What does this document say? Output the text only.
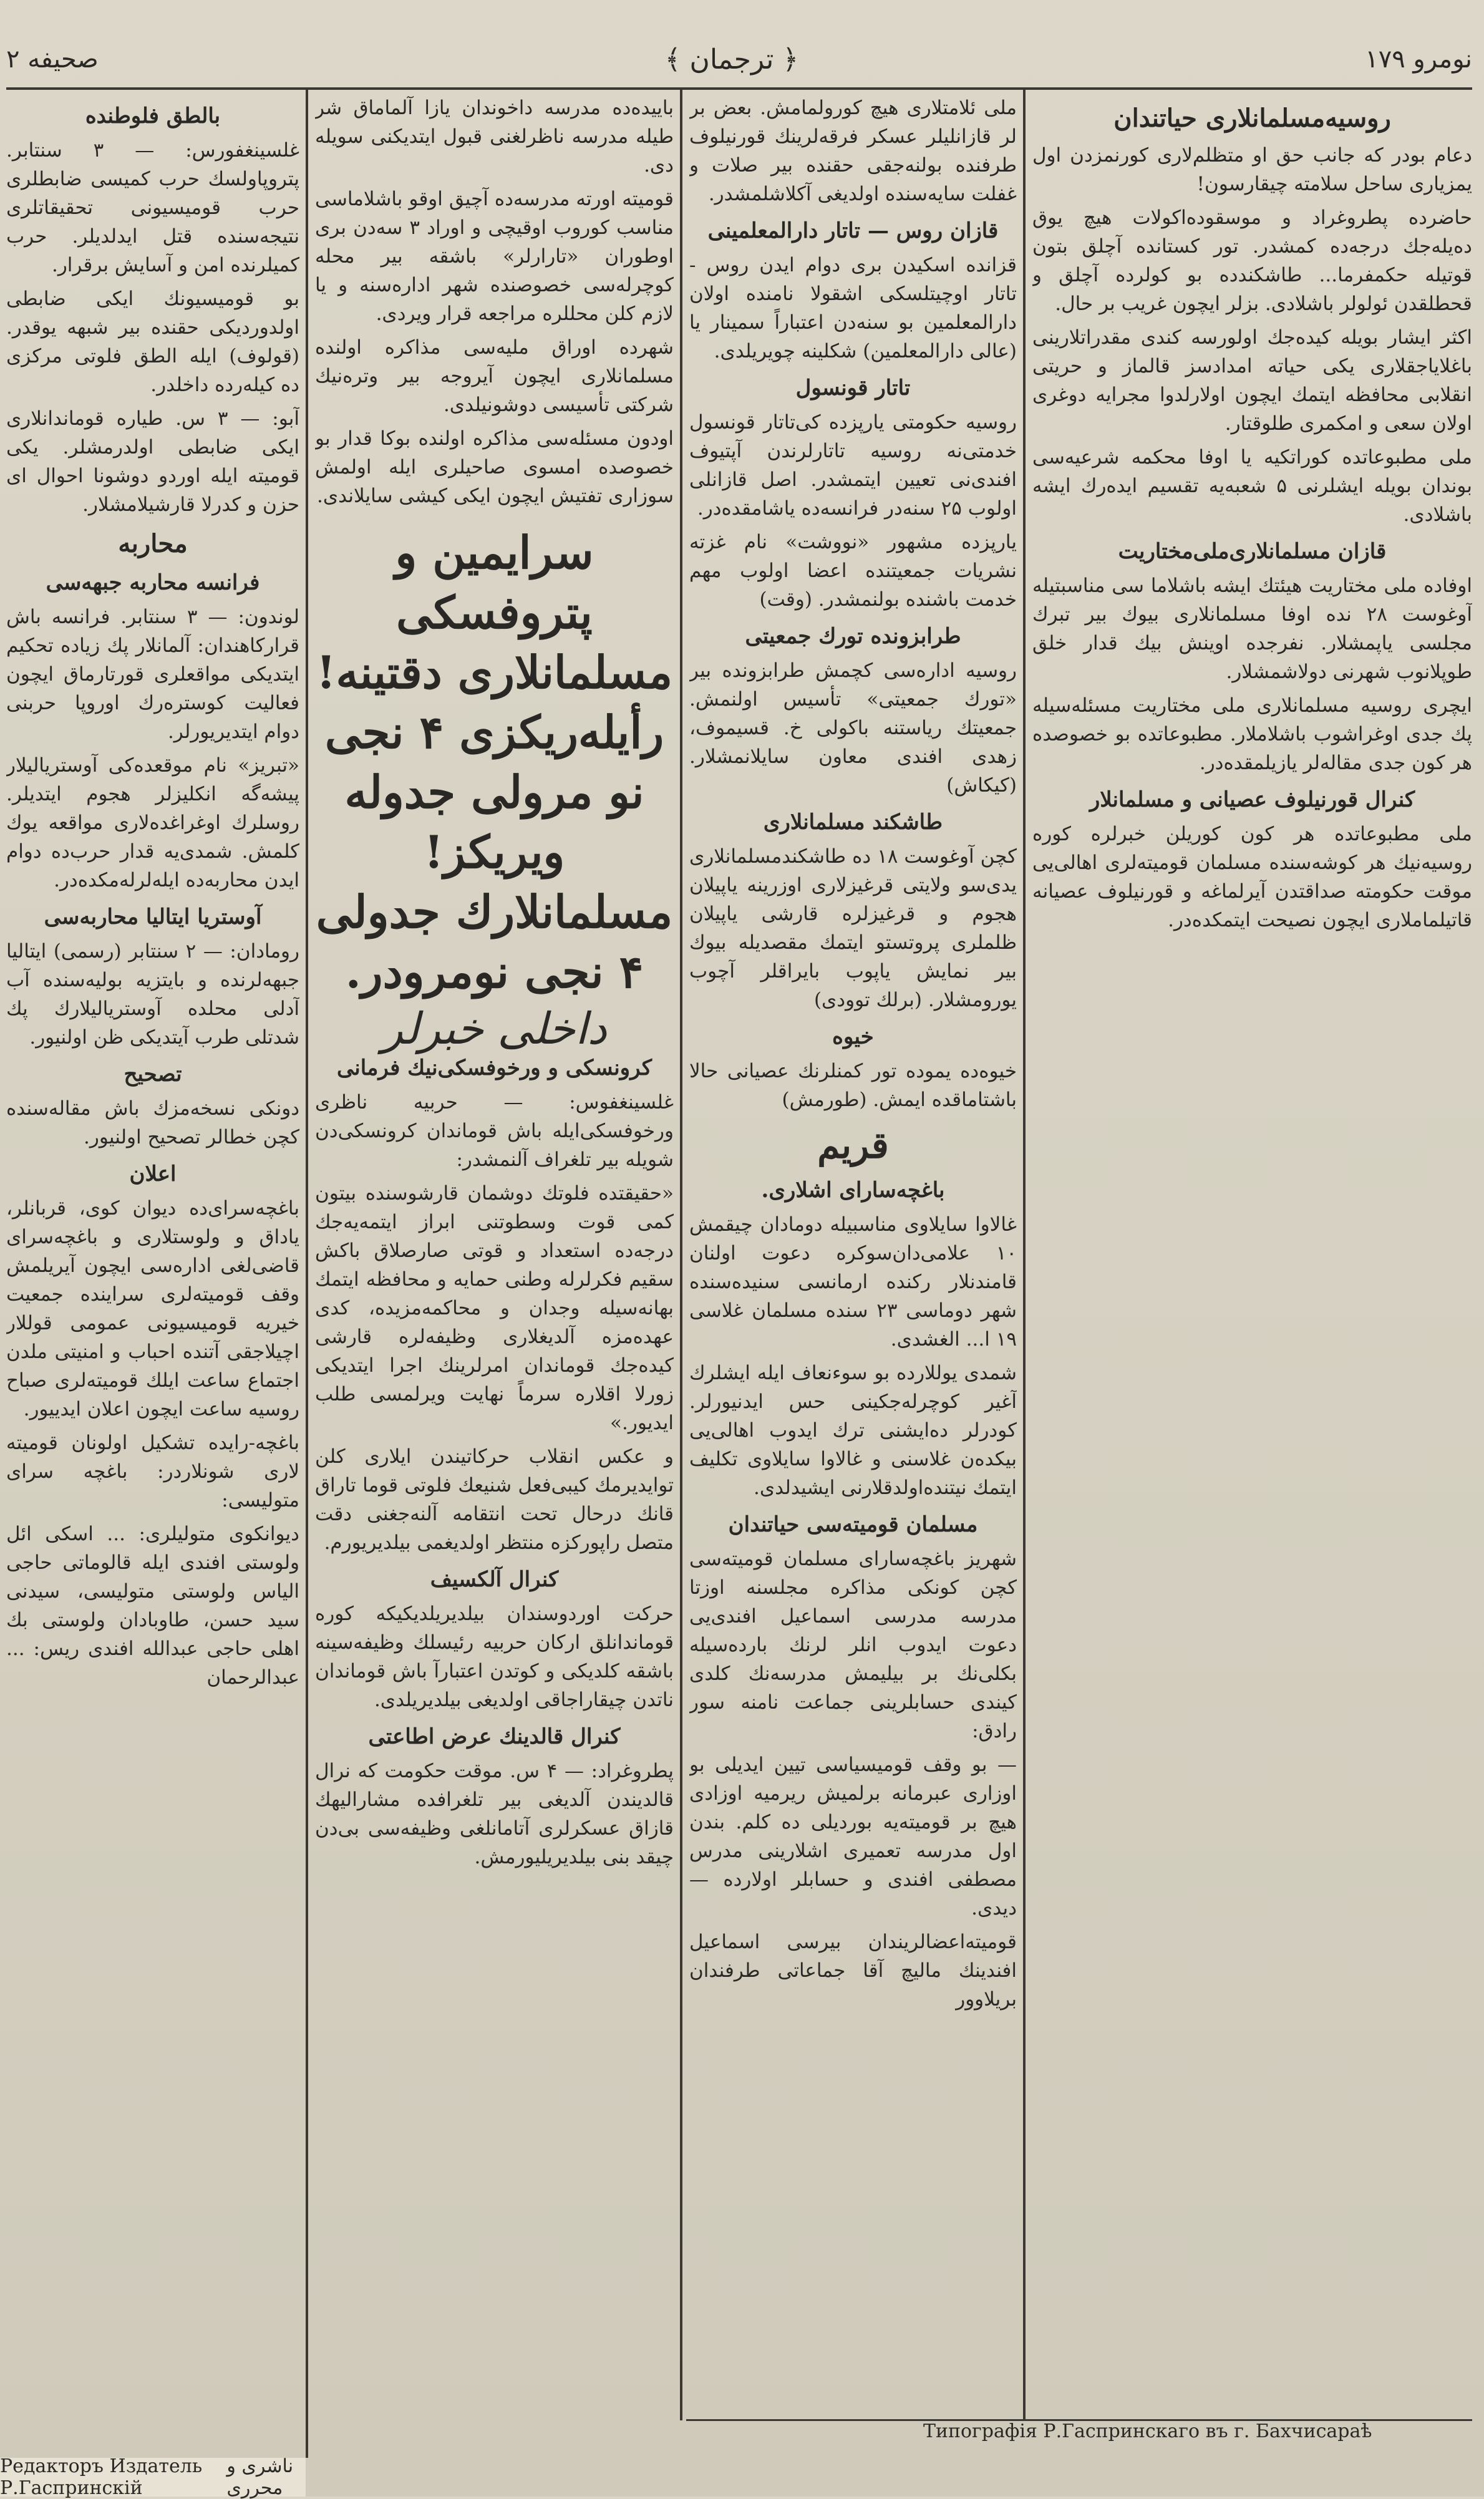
صحیفه ۲	﴾ ترجمان ﴿	۱۷۹ نومرو
بالطق فلوطنده

غلسینغفورس: — ۳ سنتابر. پتروپاولسك حرب کمیسی ضابطلری حرب قومیسیونی تحقیقاتلری نتیجه‌سنده قتل ایدلدیلر. حرب کمیلرنده امن و آسایش برقرار.

بو قومیسیونك ایکی ضابطی اولدوردیکی حقنده بیر شبهه یوقدر. (قولوف) ایله الطق فلوتی مرکزی ده کیله‌رده داخلدر.

آبو: — ۳ س. طیاره قوماندانلاری ایکی ضابطی اولدرمشلر. یکی قومیته ایله اوردو دوشونا احوال ای حزن و کدرلا قارشیلامشلار.

محاربه
فرانسه محاربه جبهه‌سی

لوندون: — ۳ سنتابر. فرانسه باش قرارکاهندان: آلمانلار پك زیاده تحکیم ایتدیکی مواقعلری قورتارماق ایچون فعالیت کوستره‌رك اوروپا حربنی دوام ایتدیریورلر.

«تبریز» نام موقعده‌کی آوستریالیلار پیشه‌گه انکلیزلر هجوم ایتدیلر. روسلرك اوغراغده‌لاری مواقعه یوك کلمش. شمدی‌یه قدار حرب‌ده دوام ایدن محاربه‌ده ایله‌لرله‌مکده‌در.

آوستریا ایتالیا محاربه‌سی

رومادان: — ۲ سنتابر (رسمی) ایتالیا جبهه‌لرنده و بایتزیه بولیه‌سنده آب آدلی محلده آوستریالیلارك پك شدتلی طرب آیتدیکی ظن اولنیور.

تصحیح

دونکی نسخه‌مزك باش مقاله‌سنده کچن خطالر تصحیح اولنیور.

اعلان

باغچه‌سرای‌ده دیوان کوی، قربانلر، یاداق و ولوستلاری و باغچه‌سرای قاضی‌لغی اداره‌سی ایچون آیریلمش وقف قومیته‌لری سراینده جمعیت خیریه قومیسیونی عمومی قوللار اچیلاجقی آتنده احباب و امنیتی ملدن اجتماع ساعت ایلك قومیته‌لری صباح روسیه ساعت ایچون اعلان ایدییور.

باغچه-رایده تشکیل اولونان قومیته لاری شونلاردر: باغچه سرای متولیسی:

دیوانکوی متولیلری: ... اسکی ائل ولوستی افندی ایله قالوماتی حاجی الیاس ولوستی متولیسی، سیدنی سید حسن، طاوبادان ولوستی بك اهلی حاجی عبدالله افندی ریس: ... عبدالرحمان

باییده‌ده مدرسه داخوندان یازا آلماماق شر طیله مدرسه ناظرلغنی قبول ایتدیکنی سویله دی.

قومیته اورته مدرسه‌ده آچیق اوقو باشلاماسی مناسب کوروب اوقیچی و اوراد ۳ سه‌دن بری اوطوران «تارارلر» باشقه بیر محله کوچرله‌سی خصوصنده شهر اداره‌سنه و یا لازم کلن محللره مراجعه قرار ویردی.

شهرده اوراق ملیه‌سی مذاکره اولنده مسلمانلاری ایچون آیروجه بیر وتره‌نیك شرکتی تأسیسی دوشونیلدی.

اودون مسئله‌سی مذاکره اولنده بوکا قدار بو خصوصده امسوی صاحیلری ایله اولمش سوزاری تفتیش ایچون ایکی کیشی سایلاندی.

سرایمین و پتروفسکی مسلمانلاری دقتینه! رأیله‌ریکزی ۴ نجی نو مرولی جدوله ویریکز! مسلمانلارك جدولی ۴ نجی نومرودر.
داخلی خبرلر
کرونسکی و ورخوفسکی‌نیك فرمانی

غلسینغفوس: — حربیه ناظری ورخوفسکی‌ایله باش قوماندان کرونسکی‌دن شویله بیر تلغراف آلنمشدر:

«حقیقتده فلوتك دوشمان قارشوسنده بیتون کمی قوت وسطوتنی ابراز ایتمه‌یه‌جك درجه‌ده استعداد و قوتی صارصلاق باکش سقیم فکرلرله وطنی حمایه و محافظه ایتمك بهانه‌سیله وجدان و محاکمه‌مزیده، کدی عهده‌مزه آلدیغلاری وظیفه‌لره قارشی کیده‌جك قوماندان امرلرینك اجرا ایتدیکی زورلا اقلاره سرماً نهایت ویرلمسی طلب ایدیور.»

و عکس انقلاب حرکاتیندن ایلاری کلن توایدیرمك کیبی‌فعل شنیعك فلوتی قوما تاراق قانك درحال تحت انتقامه آلنه‌جغنی دقت متصل راپورکزه منتظر اولدیغمی بیلدیریورم.

کنرال آلکسیف

حرکت اوردوسندان بیلدیریلدیکیکه کوره قوماندانلق ارکان حربیه رئیسلك وظیفه‌سینه باشقه کلدیکی و کوتدن اعتبارآ باش قوماندان ناتدن چیقاراجاقی اولدیغی بیلدیریلدی.

کنرال قالدینك عرض اطاعتی

پطروغراد: — ۴ س. موقت حکومت که نرال قالدیندن آلدیغی بیر تلغرافده مشارالیهك قازاق عسکرلری آتامانلغی وظیفه‌سی بی‌دن چیقد بنی بیلدیریلیورمش.

ملی ئلامتلاری هیچ کورولمامش. بعض بر لر قازانلیلر عسکر فرقه‌لرینك قورنیلوف طرفنده بولنه‌جقی حقنده بیر صلات و غفلت سایه‌سنده اولدیغی آکلاشلمشدر.

قازان روس — تاتار دارالمعلمینی

قزانده اسکیدن بری دوام ایدن روس - تاتار اوچیتلسکی اشقولا نامنده اولان دارالمعلمین بو سنه‌دن اعتباراً سمینار یا (عالی دارالمعلمین) شکلینه چویریلدی.

تاتار قونسول

روسیه حکومتی یارپزده کی‌تاتار قونسول خدمتی‌نه روسیه تاتارلرندن آپتیوف افندی‌نی تعیین ایتمشدر. اصل قازانلی اولوب ۲۵ سنه‌در فرانسه‌ده یاشامقده‌در.

یارپزده مشهور «نووشت» نام غزته نشریات جمعیتنده اعضا اولوب مهم خدمت باشنده بولنمشدر. (وقت)

طرابزونده تورك جمعیتی

روسیه اداره‌سی کچمش طرابزونده بیر «تورك جمعیتی» تأسیس اولنمش. جمعیتك ریاستنه باکولی خ. قسیموف، زهدی افندی معاون سایلانمشلار. (کیکاش)

طاشکند مسلمانلاری

کچن آوغوست ۱۸ ده طاشکندمسلمانلاری یدی‌سو ولایتی قرغیزلاری اوزرینه یاپیلان هجوم و قرغیزلره قارشی یاپیلان ظلملری پروتستو ایتمك مقصدیله بیوك بیر نمایش یاپوب بایراقلر آچوب یورومشلار. (برلك توودی)

خیوه

خیوه‌ده یموده تور کمنلرنك عصیانی حالا باشتاماقده ایمش. (طورمش)

قريم
باغچه‌سارای اشلاری.

غالاوا سایلاوی مناسبیله دومادان چیقمش ۱۰ علامی‌دان‌سوکره دعوت اولنان قامندنلار رکنده ارمانسی سنیده‌سنده شهر دوماسی ۲۳ سنده مسلمان غلاسی ۱۹ ا... الغشدی.

شمدی یوللارده بو سوءنعاف ایله ایشلرك آغیر کوچرله‌جکینی حس ایدنیورلر. کودرلر ده‌ایشنی ترك ایدوب اهالی‌یی بیکده‌ن غلاسنی و غالاوا سایلاوی تکلیف ایتمك نیتنده‌اولدقلارنی ایشیدلدی.

مسلمان قومیته‌سی حیاتندان

شهریز باغچه‌سارای مسلمان قومیته‌سی کچن کونکی مذاکره مجلسنه اوزتا مدرسه مدرسی اسماعیل افندی‌یی دعوت ایدوب انلر لرنك بارده‌سیله بکلی‌نك بر بیلیمش مدرسه‌نك کلدی کیندی حسابلرینی جماعت نامنه سور رادق:

— بو وقف قومیسیاسی تیین ایدیلی بو اوزاری عبرمانه برلمیش ریرمیه اوزادی هیچ بر قومیته‌یه بوردیلی ده کلم. بندن اول مدرسه تعمیری اشلارینی مدرس مصطفی افندی و حسابلر اولارده — دیدی.

قومیته‌اعضالریندان بیرسی اسماعیل افندینك مالیچ آقا جماعاتی طرفندان بریلاوور

روسیه‌مسلمانلاری حیاتندان

دعام بودر که جانب حق او متظلم‌لاری کورنمزدن اول یمزیاری ساحل سلامته چیقارسون!

حاضرده پطروغراد و موسقوده‌اکولات هیچ یوق ده‌یله‌جك درجه‌ده کمشدر. تور کستانده آچلق بتون قوتیله حکمفرما... طاشکندده بو کولرده آچلق و قحطلقدن ئولولر باشلادی. بزلر ایچون غریب بر حال.

اکثر ایشار بویله کیده‌جك اولورسه کندی مقدراتلارینی باغلایاجقلاری یکی حیاته امدادسز قالماز و حریتی انقلابی محافظه ایتمك ایچون اولارلدوا مجرایه دوغری اولان سعی و امکمری طلوقتار.

ملی مطبوعاتده کوراتکیه یا اوفا محکمه شرعیه‌سی بوندان بویله ایشلرنی ۵ شعبه‌یه تقسیم ایده‌رك ایشه باشلادی.

قازان مسلمانلاری‌ملی‌مختاریت

اوفاده ملی مختاریت هیئتك ایشه باشلاما سی مناسبتیله آوغوست ۲۸ نده اوفا مسلمانلاری بیوك بیر تبرك مجلسی یاپمشلار. نفرجده اوینش بیك قدار خلق طوپلانوب شهرنی دولاشمشلار.

ایچری روسیه مسلمانلاری ملی مختاریت مسئله‌سیله پك جدی اوغراشوب باشلاملار. مطبوعاتده بو خصوصده هر کون جدی مقاله‌لر یازیلمقده‌در.

کنرال قورنیلوف عصیانی و مسلمانلار

ملی مطبوعاتده هر کون کوریلن خبرلره کوره روسیه‌نیك هر کوشه‌سنده مسلمان قومیته‌لری اهالی‌یی موقت حکومته صداقتدن آیرلماغه و قورنیلوف عصیانه قاتیلماملاری ایچون نصیحت ایتمکده‌در.

Типографія Р.Гаспринскаго въ г. Бахчисараѣ
Редакторъ Издатель Р.Гаспринскій
ناشری و محرری
